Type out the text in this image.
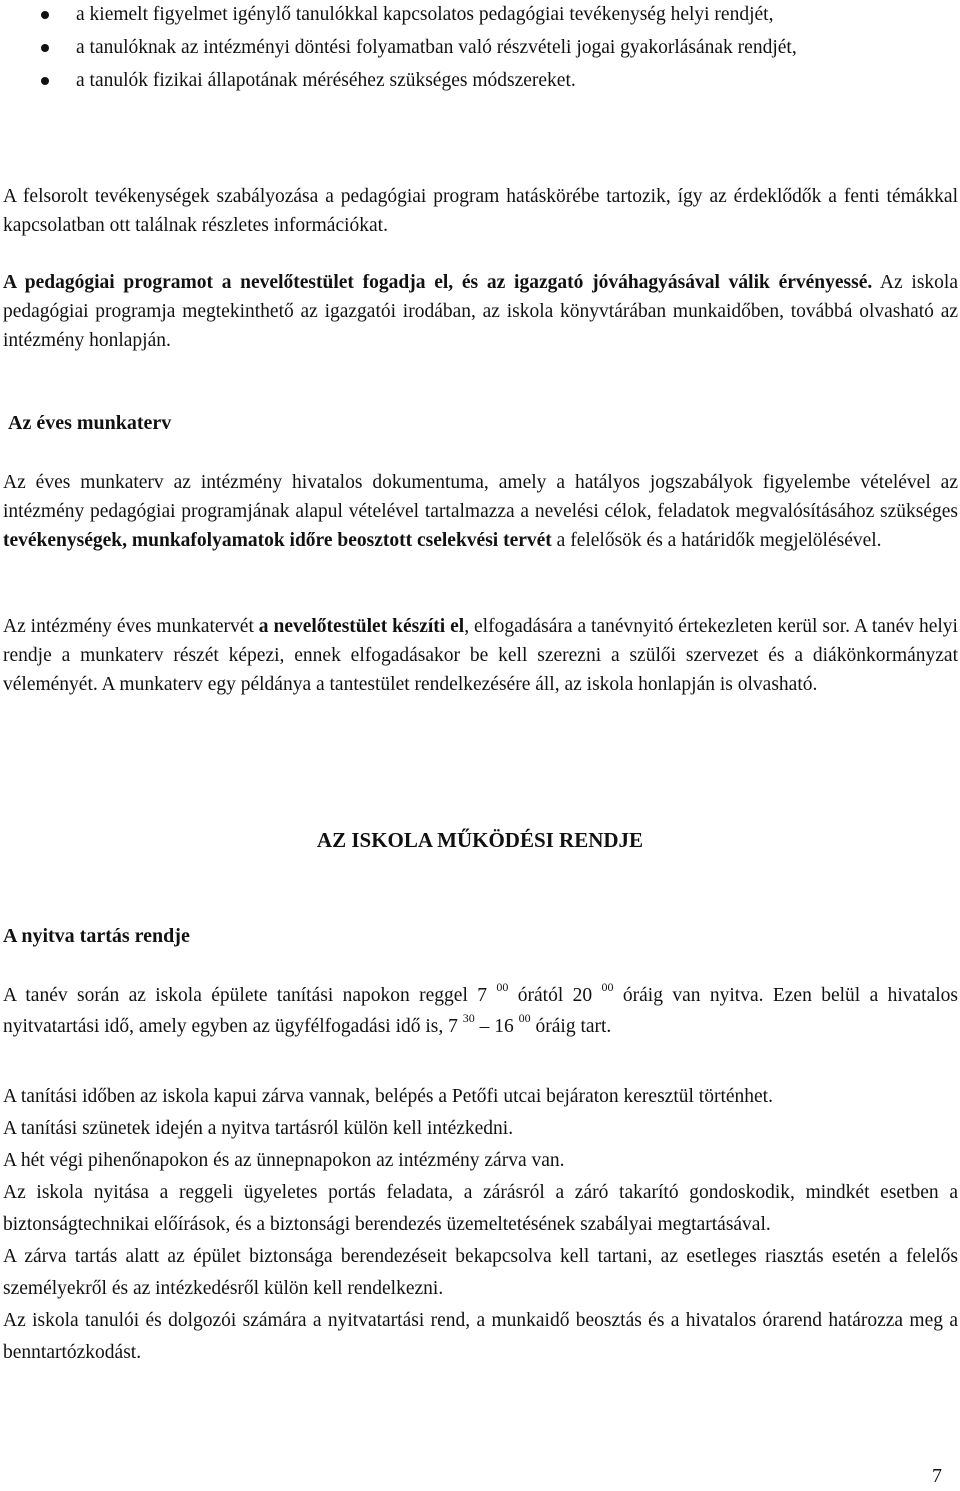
a kiemelt figyelmet igénylő tanulókkal kapcsolatos pedagógiai tevékenység helyi rendjét,
a tanulóknak az intézményi döntési folyamatban való részvételi jogai gyakorlásának rendjét,
a tanulók fizikai állapotának méréséhez szükséges módszereket.

A felsorolt tevékenységek szabályozása a pedagógiai program hatáskörébe tartozik, így az érdeklődők a fenti témákkal kapcsolatban ott találnak részletes információkat.

A pedagógiai programot a nevelőtestület fogadja el, és az igazgató jóváhagyásával válik érvényessé. Az iskola pedagógiai programja megtekinthető az igazgatói irodában, az iskola könyvtárában munkaidőben, továbbá olvasható az intézmény honlapján.

Az éves munkaterv

Az éves munkaterv az intézmény hivatalos dokumentuma, amely a hatályos jogszabályok figyelembe vételével az intézmény pedagógiai programjának alapul vételével tartalmazza a nevelési célok, feladatok megvalósításához szükséges tevékenységek, munkafolyamatok időre beosztott cselekvési tervét a felelősök és a határidők megjelölésével.

Az intézmény éves munkatervét a nevelőtestület készíti el, elfogadására a tanévnyitó értekezleten kerül sor. A tanév helyi rendje a munkaterv részét képezi, ennek elfogadásakor be kell szerezni a szülői szervezet és a diákönkormányzat véleményét. A munkaterv egy példánya a tantestület rendelkezésére áll, az iskola honlapján is olvasható.

AZ ISKOLA MŰKÖDÉSI RENDJE

A nyitva tartás rendje

A tanév során az iskola épülete tanítási napokon reggel 7 $^{00}$ órától 20 $^{00}$ óráig van nyitva. Ezen belül a hivatalos nyitvatartási idő, amely egyben az ügyfélfogadási idő is, 7 $^{30}$ – 16 $^{00}$ óráig tart.

A tanítási időben az iskola kapui zárva vannak, belépés a Petőfi utcai bejáraton keresztül történhet.

A tanítási szünetek idején a nyitva tartásról külön kell intézkedni.

A hét végi pihenőnapokon és az ünnepnapokon az intézmény zárva van.

Az iskola nyitása a reggeli ügyeletes portás feladata, a zárásról a záró takarító gondoskodik, mindkét esetben a biztonságtechnikai előírások, és a biztonsági berendezés üzemeltetésének szabályai megtartásával.

A zárva tartás alatt az épület biztonsága berendezéseit bekapcsolva kell tartani, az esetleges riasztás esetén a felelős személyekről és az intézkedésről külön kell rendelkezni.

Az iskola tanulói és dolgozói számára a nyitvatartási rend, a munkaidő beosztás és a hivatalos órarend határozza meg a benntartózkodást.

7
